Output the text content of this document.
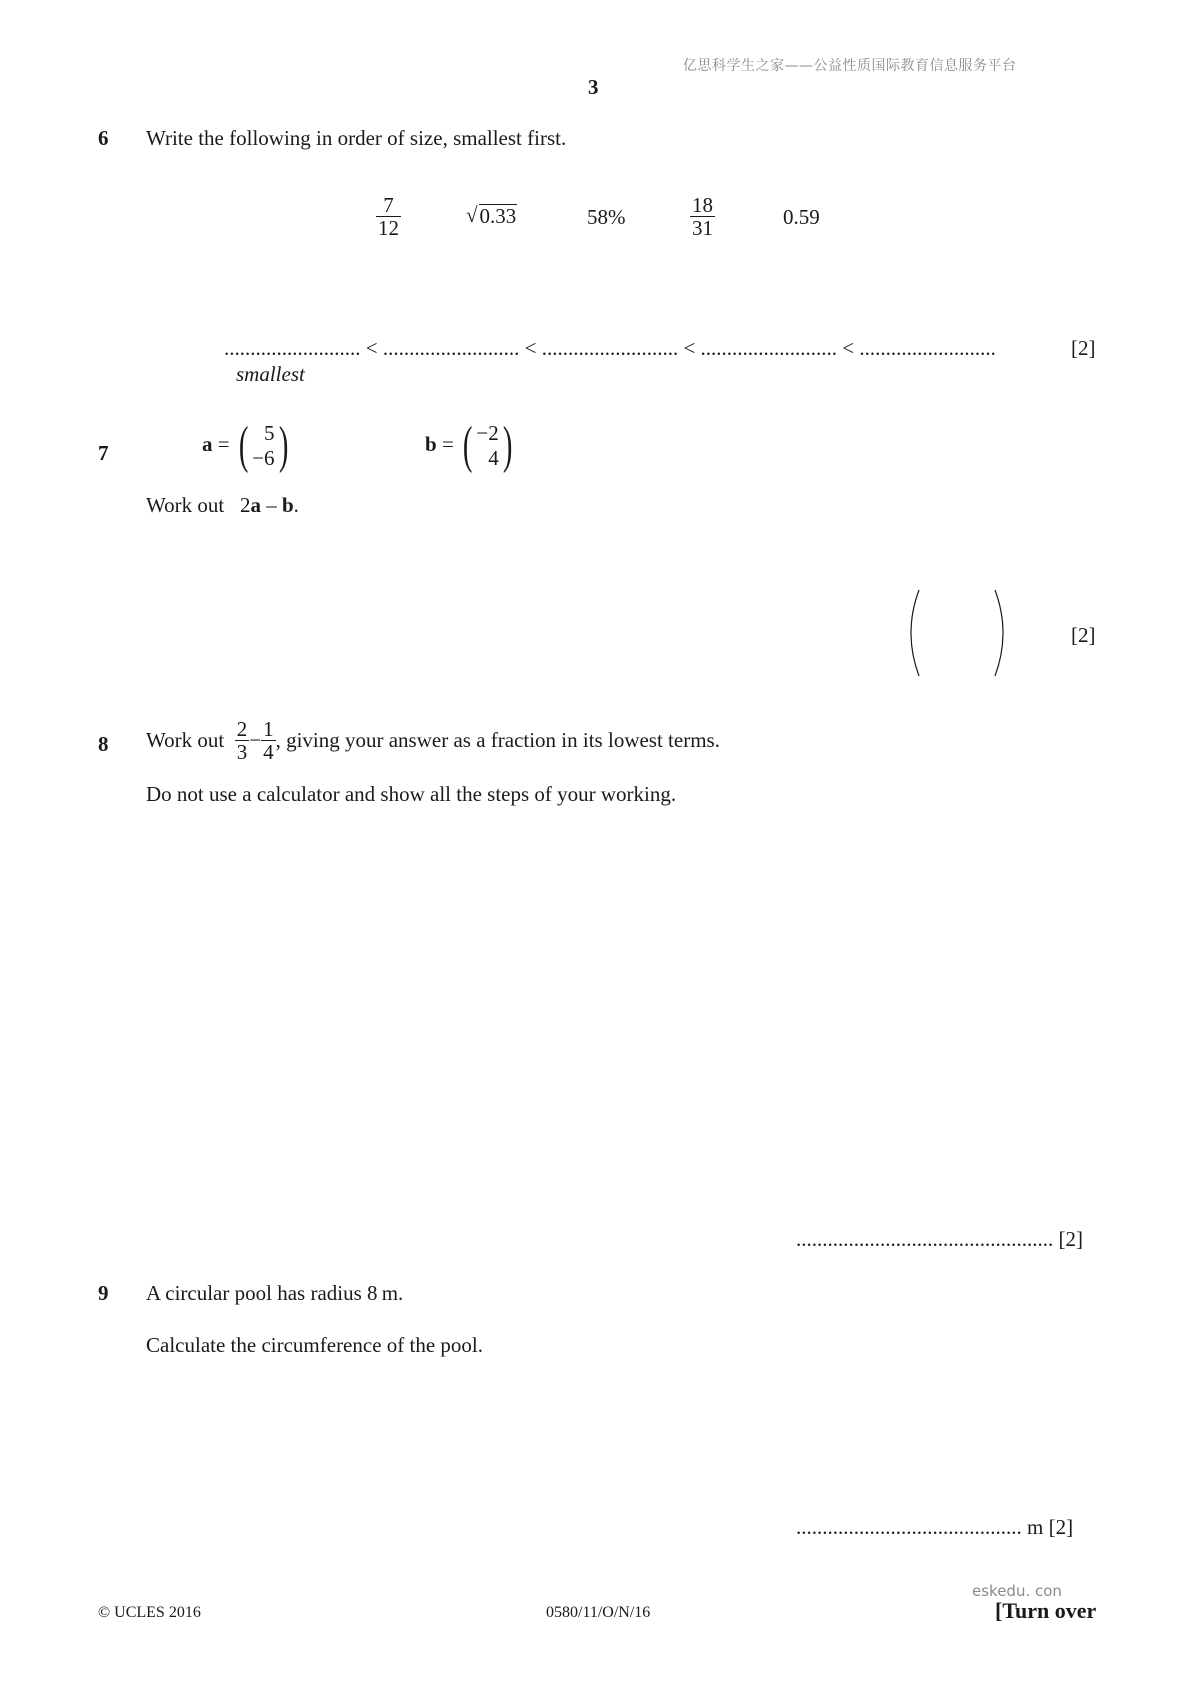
亿思科学生之家——公益性质国际教育信息服务平台
3
6 Write the following in order of size, smallest first.
$\frac{7}{12}$	√ 0.33	58%	$\frac{18}{31}$	0.59
.......................... < .......................... < .......................... < .......................... < ..........................	[2]
smallest
7	a = ( 5
−6 )	b = ( −2
4 )
Work out 2a – b.
[2]
8 Work out $\frac{2}{3} - \frac{1}{4}$ , giving your answer as a fraction in its lowest terms.
Do not use a calculator and show all the steps of your working.
................................................. [2]
9 A circular pool has radius 8 m.
Calculate the circumference of the pool.
........................................... m [2]
eskedu. con
© UCLES 2016	0580/11/O/N/16	[Turn over
